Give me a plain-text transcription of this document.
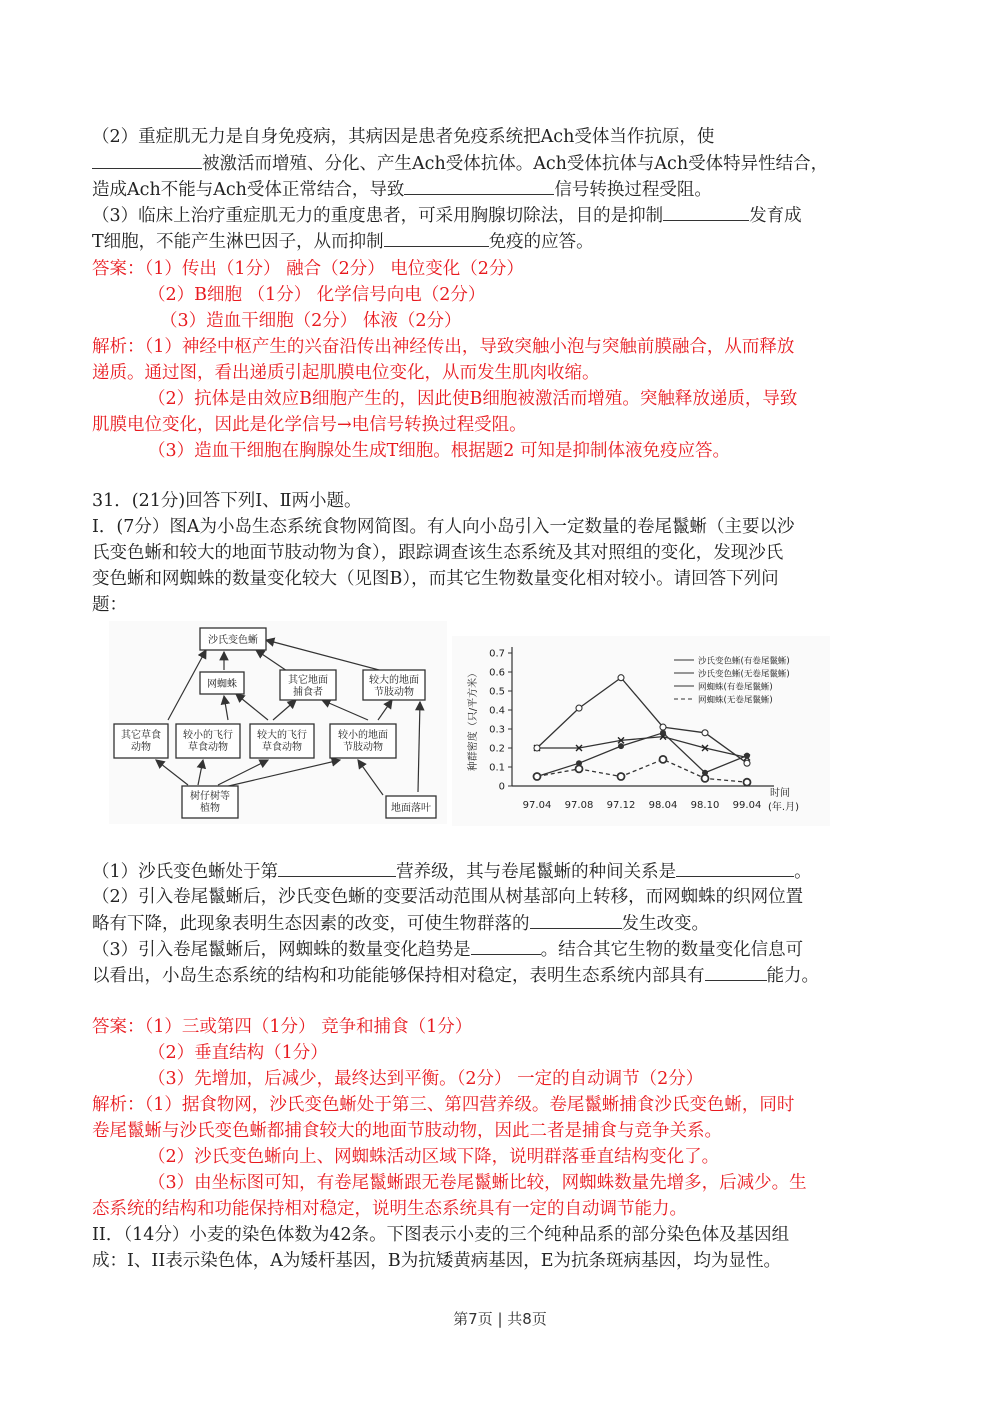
（2）重症肌无力是自身免疫病，其病因是患者免疫系统把Ach受体当作抗原，使
被激活而增殖、分化、产生Ach受体抗体。Ach受体抗体与Ach受体特异性结合，
造成Ach不能与Ach受体正常结合，导致	信号转换过程受阻。
（3）临床上治疗重症肌无力的重度患者，可采用胸腺切除法，目的是抑制	发育成
T细胞，不能产生淋巴因子，从而抑制	免疫的应答。
答案：（1）传出（1分） 融合（2分） 电位变化（2分）
（2）B细胞 （1分） 化学信号向电（2分）
（3）造血干细胞（2分） 体液（2分）
解析：（1）神经中枢产生的兴奋沿传出神经传出，导致突触小泡与突触前膜融合，从而释放
递质。通过图，看出递质引起肌膜电位变化，从而发生肌肉收缩。
（2）抗体是由效应B细胞产生的，因此使B细胞被激活而增殖。突触释放递质，导致
肌膜电位变化，因此是化学信号→电信号转换过程受阻。
（3）造血干细胞在胸腺处生成T细胞。根据题2 可知是抑制体液免疫应答。
31．(21分)回答下列Ⅰ、Ⅱ两小题。
I．(7分）图A为小岛生态系统食物网简图。有人向小岛引入一定数量的卷尾鬣蜥（主要以沙
氏变色蜥和较大的地面节肢动物为食），跟踪调查该生态系统及其对照组的变化，发现沙氏
变色蜥和网蜘蛛的数量变化较大（见图B），而其它生物数量变化相对较小。请回答下列问
题：
沙氏变色蜥
网蜘蛛	其它地面捕食者
较大的地面节肢动物
其它草食动物
较小的飞行草食动物
较大的飞行草食动物
较小的地面节肢动物
树仔树等植物	地面落叶
0
0.1
0.2
0.3
0.4
0.5
0.6
0.7
97.04 97.08 97.12 98.04 98.10 99.04
时间
(年.月)
种群密度（只/平方米）
沙氏变色蜥(有卷尾鬣蜥)
沙氏变色蜥(无卷尾鬣蜥)
网蜘蛛(有卷尾鬣蜥)
网蜘蛛(无卷尾鬣蜥)
（1）沙氏变色蜥处于第	营养级，其与卷尾鬣蜥的种间关系是	。
（2）引入卷尾鬣蜥后，沙氏变色蜥的变要活动范围从树基部向上转移，而网蜘蛛的织网位置
略有下降，此现象表明生态因素的改变，可使生物群落的	发生改变。
（3）引入卷尾鬣蜥后，网蜘蛛的数量变化趋势是	。结合其它生物的数量变化信息可
以看出，小岛生态系统的结构和功能能够保持相对稳定，表明生态系统内部具有	能力。
答案：（1）三或第四（1分） 竞争和捕食（1分）
（2）垂直结构（1分）
（3）先增加，后减少，最终达到平衡。（2分） 一定的自动调节（2分）
解析：（1）据食物网，沙氏变色蜥处于第三、第四营养级。卷尾鬣蜥捕食沙氏变色蜥，同时
卷尾鬣蜥与沙氏变色蜥都捕食较大的地面节肢动物，因此二者是捕食与竞争关系。
（2）沙氏变色蜥向上、网蜘蛛活动区域下降，说明群落垂直结构变化了。
（3）由坐标图可知，有卷尾鬣蜥跟无卷尾鬣蜥比较，网蜘蛛数量先增多，后减少。生
态系统的结构和功能保持相对稳定，说明生态系统具有一定的自动调节能力。
II．（14分）小麦的染色体数为42条。下图表示小麦的三个纯种品系的部分染色体及基因组
成：I、II表示染色体，A为矮杆基因，B为抗矮黄病基因，E为抗条斑病基因，均为显性。
第7页 | 共8页
